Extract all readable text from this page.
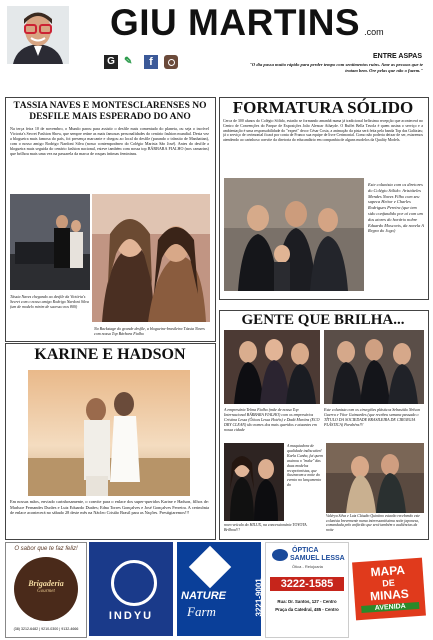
GIU MARTINS .com
G ✎	f	ENTRE ASPAS
"O dia passa muito rápido para perder tempo com sentimentos ruins. Ame as pessoas que te tratam bem. Ore pelas que não o fazem."
TÁSSIA NAVES E MONTESCLARENSES NO DESFILE MAIS ESPERADO DO ANO
Na terça feira 10 de novembro, o Mundo parou para assistir o desfile mais comentado do planeta, ou seja o incrível Victoria's Secret Fashion Show, que sempre reúne as mais famosas personalidades do cenário fashion mundial. Desta vez a blogueira mais famosa do país, foi presença marcante e chegou ao local do desfile (parando o trânsito de Manhattan), com o nosso amigo Rodrigo Nardoni Silva (nosso contemporâneo do Colégio Marista São José). Antes do desfile a blogueira mais seguida do cenário fashion nacional, esteve também com nossa top BÁRBARA FIALHO (nos camarins) que brilhou mais uma vez na passarela da marca de roupas íntimas femininas.
Tássia Naves chegando ao desfile da Victória's Secret com o nosso amigo Rodrigo Nardoni Silva (um de modelo mirim de sucesso nos 80S)
Na Backstage do grande desfile, a blogueira-brasileira Tássia Naves com nossa Top Bárbara Fialho
KARINE E HADSON
Em nossas mãos, enviado carinhosamente, o convite para o enlace dos super-queridos Karine e Hadson, filhos de: Marluce Fernandes Durães e Luiz Eduardo Durães; Edna Torres Gonçalves e José Gonçalves Ferreira. A cerimônia de enlace acontecerá no sábado 28 deste mês na Nácleo Cristão Brasil para as Nações. Prestigiaremos!!!
FORMATURA SÓLIDO
Cerca de 300 alunos do Colégio Sólido, estarão se formando amanhã numa já tradicional belíssima recepção que acontecerá no Centro de Convenções do Parque de Exposições João Alencar Athayde. O Buffet Bella Tavola é quem assina o serviço e a ambientação é uma responsabilidade do "expert" decor César Costa, a animação da pista será feita pela banda Top das Galáxias; já o serviço de cerimonial ficará por conta de Franco sua equipe de livre Cerimonial. Como não poderia deixar de ser, estaremos atendendo ao carinhoso convite da diretoria do educandário em companhia de alguns modelos da Quality Models.
Este colunista com os diretores do Colégio Sólido: Aristóteles Mendes Naves Filho com seu sapeca Heitor e Charles Rodrigues Pereira (que tem sido confundido por aí com um dos atores do horário nobre Eduardo Moscovis, da novela A Regra do Jogo)
GENTE QUE BRILHA...
A empresária Telma Fialho (mãe de nossa Top Internacional BÁRBARA FIALHO) com os empresários Cristina Lessa (Óticas Lessa Hotéis) e Dadá Martins (ECO DRY CLEAN) tão nomes dos mais queridos e atuantes em nossa cidade
Este colunista com os cirurgiões plásticos Sebastião Nelson Guerra e Vítor Guimarães (que recebeu semana passada o TÍTULO DA SOCIEDADE BRASILEIRA DE CIRURGIA PLÁSTICA) Parabéns!!!
A maquiadora de qualidade indiscutível Karla Cunha, fui quem assinou o "make" das duas modelos recepcionistas, que ilustraram a noite do evento no lançamento do
novo veículo do HILUX, na concessionária TOYOTA. Brilhou!!!
Valérya Silva e Luiz Cláudio Quintino estavão recebendo este colunista brevemente numa interessantíssima noite japonesa, comandada pelo anfitrião que será também o audiências da noite
O sabor que te faz feliz!
Brigaderia
Gourmet
(38) 3212-6482 | 9210-0300 | 9132-4666
INDYU
NATURE
Farm	3221-9001
ÓPTICA
SAMUEL LESSA
Ótica - Relojoaria
3222-1585
Rua: Dr. Santos, 127 - Centro
Praça da Catedral, 485 - Centro
MAPA
DE
MINAS
AVENIDA
